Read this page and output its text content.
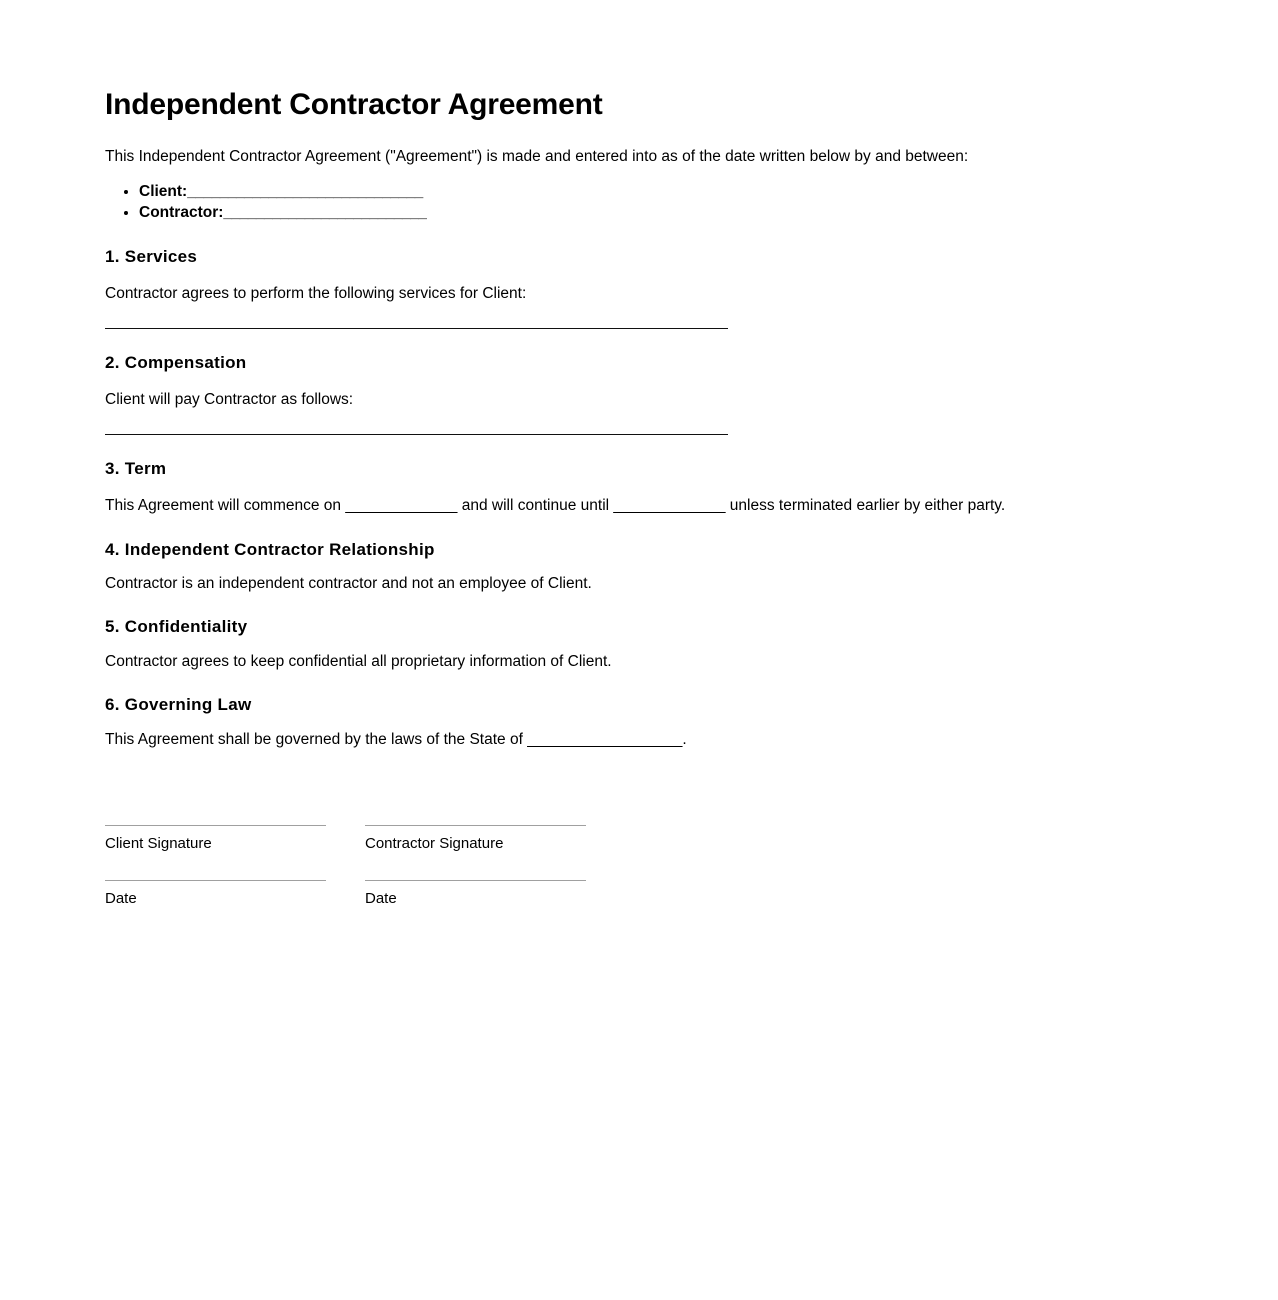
Independent Contractor Agreement

This Independent Contractor Agreement ("Agreement") is made and entered into as of the date written below by and between:

• Client:_____________________________
• Contractor:_________________________
1. Services

Contractor agrees to perform the following services for Client:

2. Compensation

Client will pay Contractor as follows:

3. Term

This Agreement will commence on _____________ and will continue until _____________ unless terminated earlier by either party.

4. Independent Contractor Relationship

Contractor is an independent contractor and not an employee of Client.

5. Confidentiality

Contractor agrees to keep confidential all proprietary information of Client.

6. Governing Law

This Agreement shall be governed by the laws of the State of __________________.

Client Signature

Date

Contractor Signature

Date
